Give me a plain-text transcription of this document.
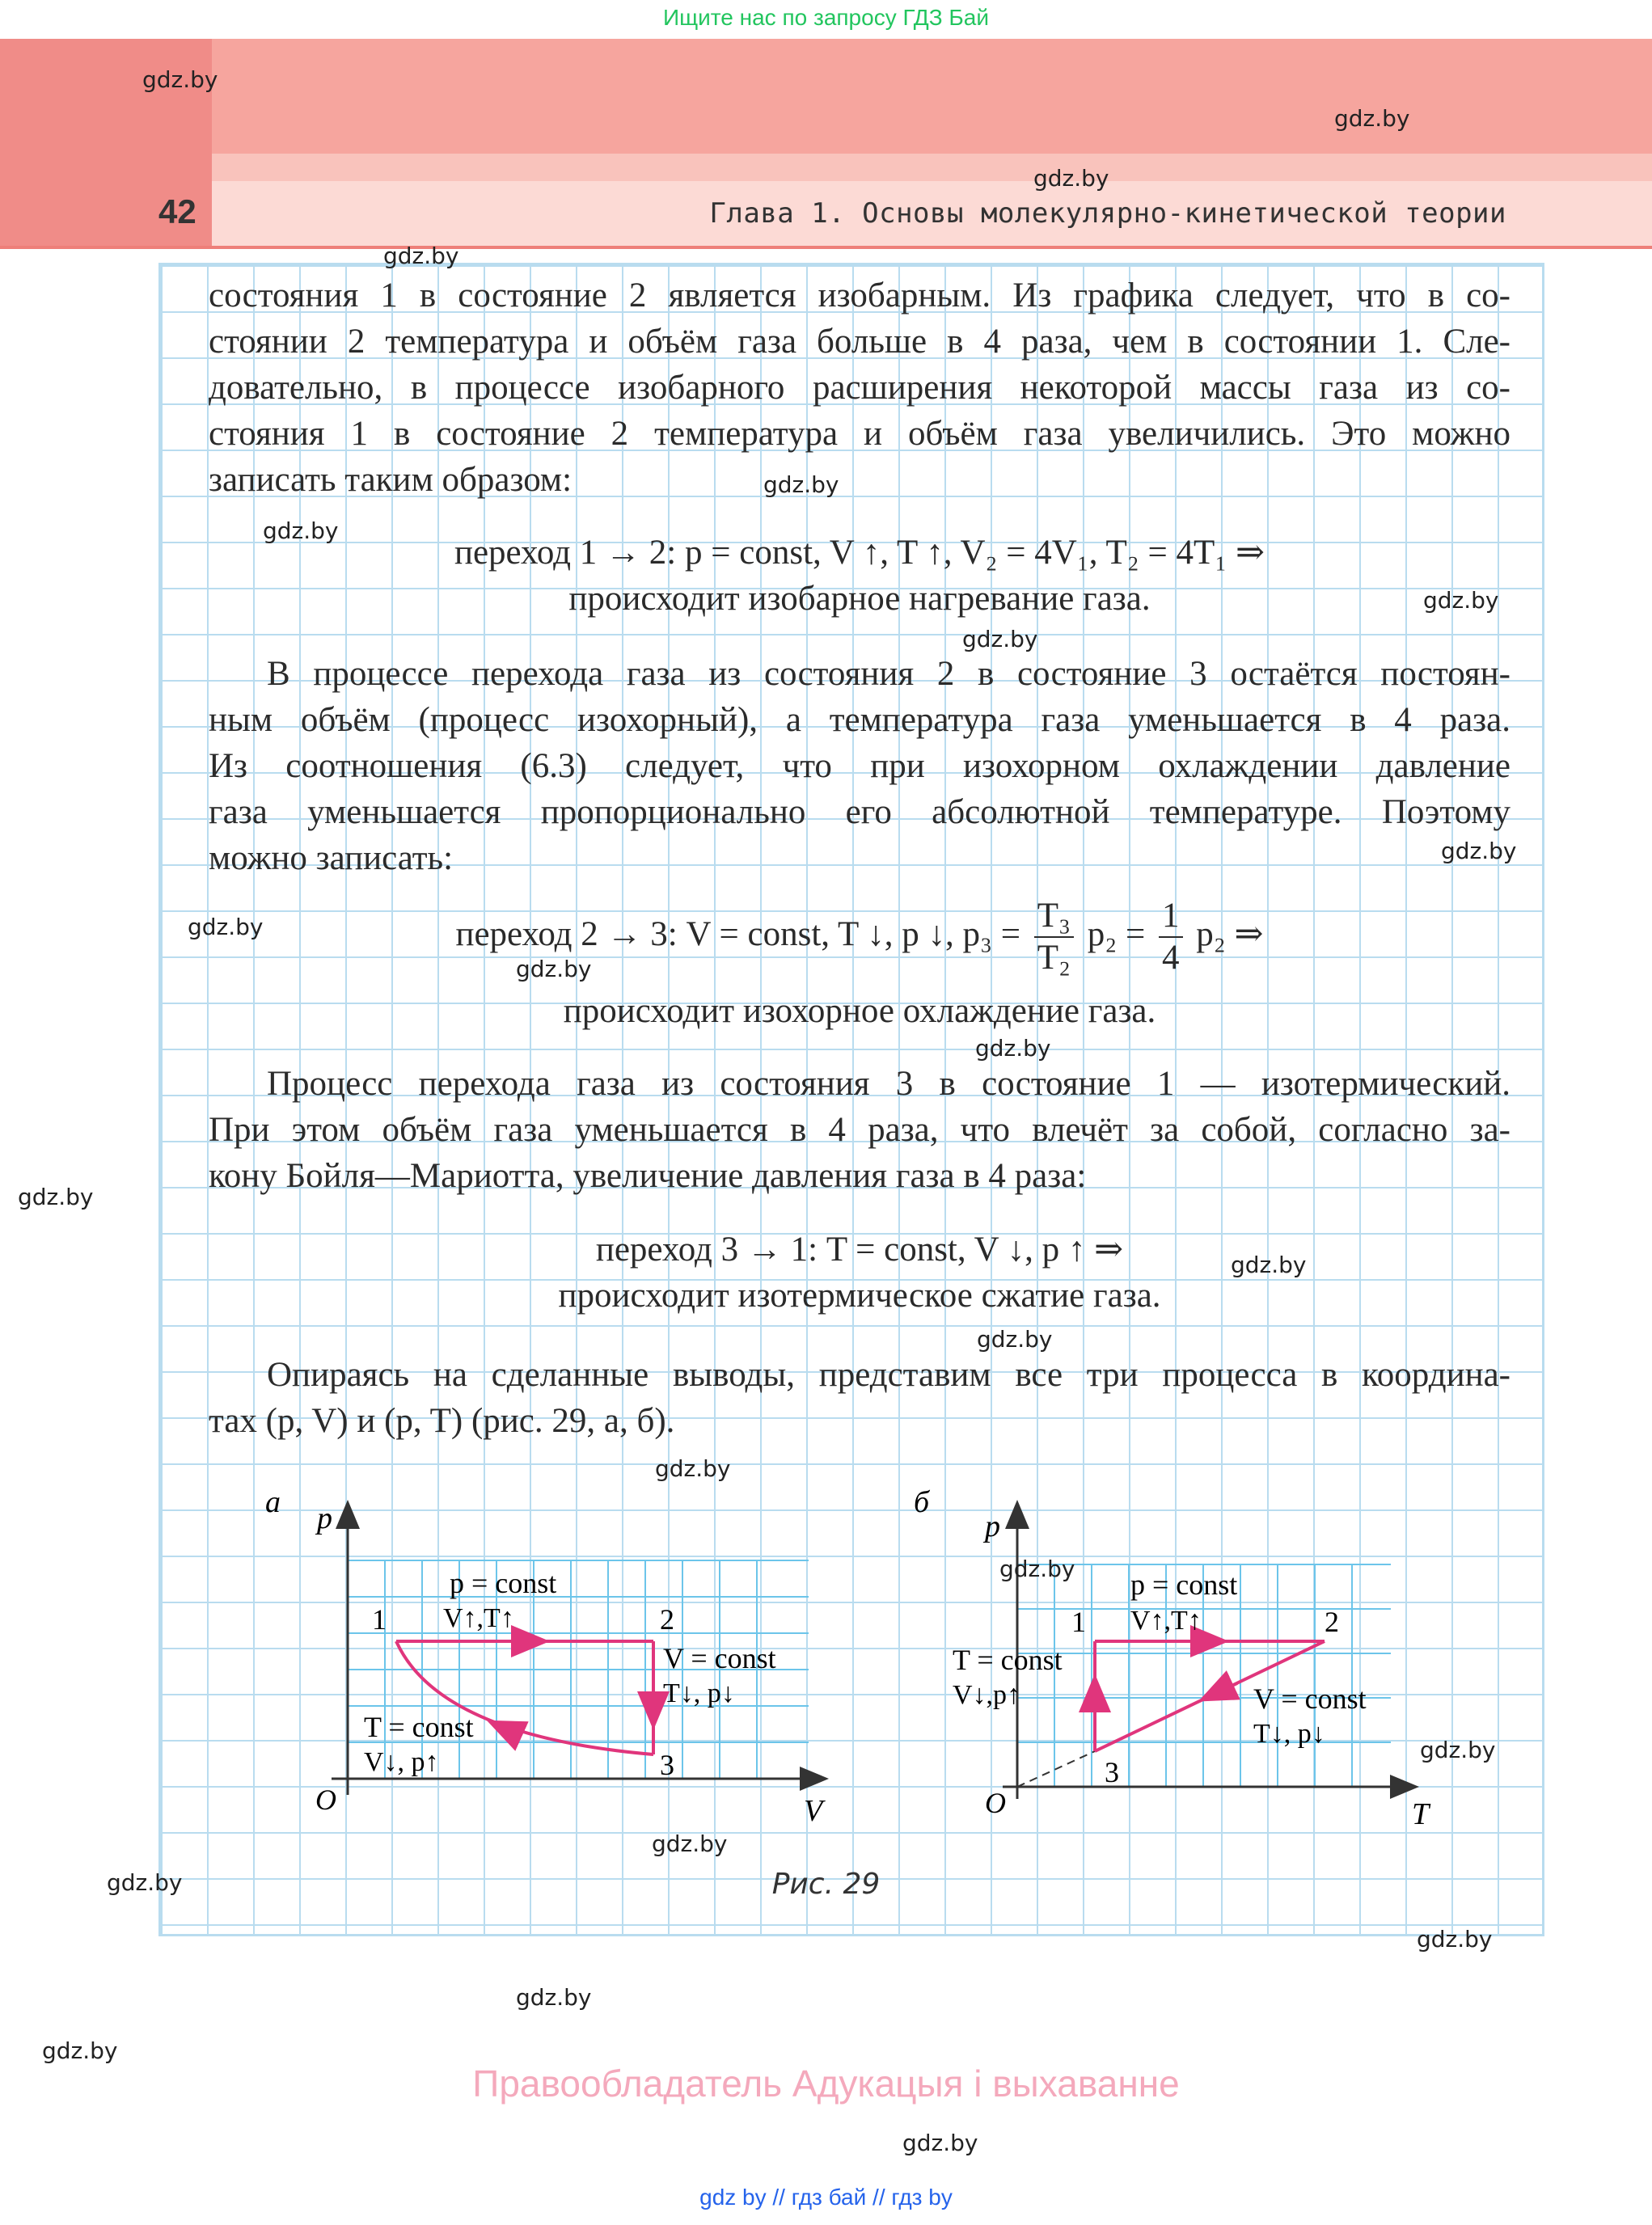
Ищите нас по запросу ГДЗ Бай
42	Глава 1. Основы молекулярно-кинетической теории
состояния 1 в состояние 2 является изобарным. Из графика следует, что в со-
стоянии 2 температура и объём газа больше в 4 раза, чем в состоянии 1. Сле-
довательно, в процессе изобарного расширения некоторой массы газа из со-
стояния 1 в состояние 2 температура и объём газа увеличились. Это можно
записать таким образом:
переход 1 → 2: p = const, V ↑, T ↑, V₂ = 4V₁, T₂ = 4T₁ ⇒
происходит изобарное нагревание газа.
В процессе перехода газа из состояния 2 в состояние 3 остаётся постоян-
ным объём (процесс изохорный), а температура газа уменьшается в 4 раза.
Из соотношения (6.3) следует, что при изохорном охлаждении давление
газа уменьшается пропорционально его абсолютной температуре. Поэтому
можно записать:
переход 2 → 3: V = const, T ↓, p ↓, $p_3 = \frac{\text{T₃}}{\text{T₂}} p_2 = \frac{1}{4} p_2$ ⇒
происходит изохорное охлаждение газа.
Процесс перехода газа из состояния 3 в состояние 1 — изотермический.
При этом объём газа уменьшается в 4 раза, что влечёт за собой, согласно за-
кону Бойля—Мариотта, увеличение давления газа в 4 раза:
переход 3 → 1: T = const, V ↓, p ↑ ⇒
происходит изотермическое сжатие газа.
Опираясь на сделанные выводы, представим все три процесса в координа-
тах (p, V) и (p, T) (рис. 29, а, б).
а p
V
O
1	2
3
p = const
V↑,T↑
V = const
T↓, p↓
T = const
V↓, p↑
б
p
T
O
1	2
3
p = const
V↑,T↑
V = const
T↓, p↓
T = const
V↓,p↑
Рис. 29
Правообладатель Адукацыя і выхаванне
gdz by // гдз бай // гдз by
gdz.by
gdz.by
gdz.by
gdz.by
gdz.by
gdz.by
gdz.by
gdz.by
gdz.by
gdz.by
gdz.by
gdz.by
gdz.by
gdz.by
gdz.by
gdz.by
gdz.by
gdz.by
gdz.by
gdz.by
gdz.by
gdz.by
gdz.by
gdz.by
